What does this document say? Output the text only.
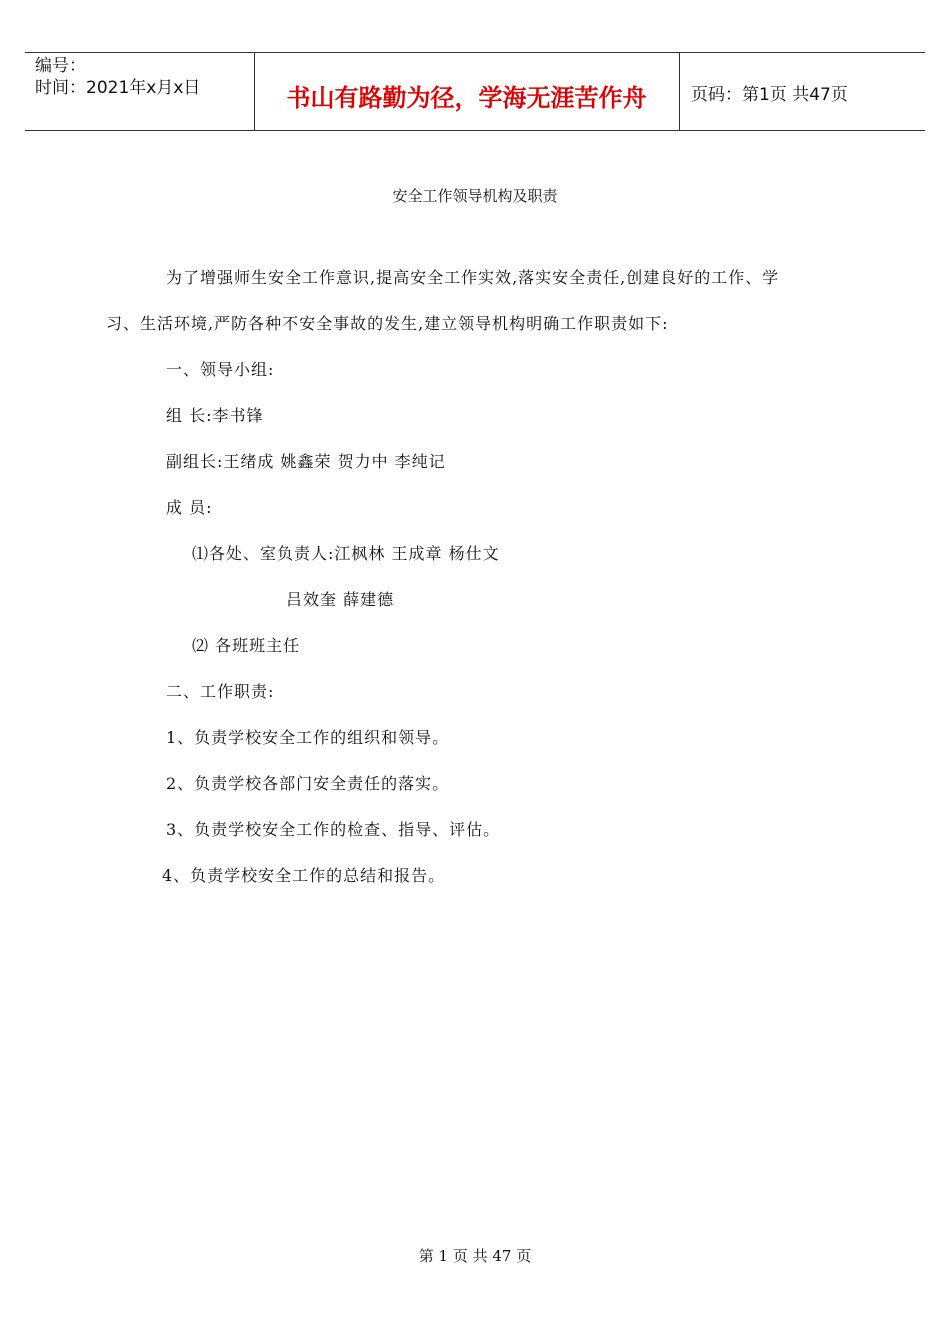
编号：
时间：2021年x月x日	书山有路勤为径，学海无涯苦作舟	页码：第1页 共47页
安全工作领导机构及职责
为了增强师生安全工作意识,提高安全工作实效,落实安全责任,创建良好的工作、学
习、生活环境,严防各种不安全事故的发生,建立领导机构明确工作职责如下:
一、领导小组:
组 长:李书锋
副组长:王绪成 姚鑫荣 贺力中 李纯记
成 员:
⑴各处、室负责人:江枫林 王成章 杨仕文
吕效奎 薛建德
⑵ 各班班主任
二、工作职责:
1、负责学校安全工作的组织和领导。
2、负责学校各部门安全责任的落实。
3、负责学校安全工作的检查、指导、评估。
4、负责学校安全工作的总结和报告。
第 1 页 共 47 页
